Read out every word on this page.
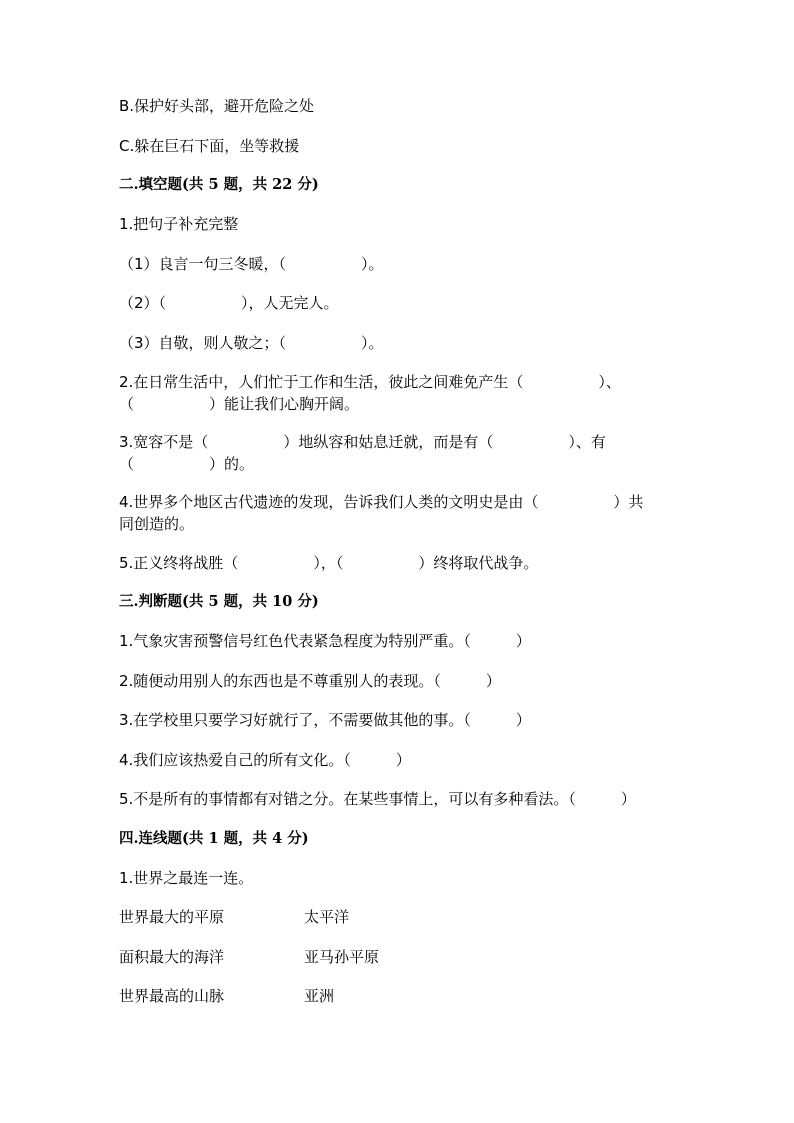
B.保护好头部，避开危险之处
C.躲在巨石下面，坐等救援
二.填空题(共 5 题，共 22 分)
1.把句子补充完整
（1）良言一句三冬暖，（　　　　　）。
（2）（　　　　　），人无完人。
（3）自敬，则人敬之；（　　　　　）。
2.在日常生活中，人们忙于工作和生活，彼此之间难免产生（　　　　　）、
（　　　　　）能让我们心胸开阔。
3.宽容不是（　　　　　）地纵容和姑息迁就，而是有（　　　　　）、有
（　　　　　）的。
4.世界多个地区古代遗迹的发现，告诉我们人类的文明史是由（　　　　　）共
同创造的。
5.正义终将战胜（　　　　　），（　　　　　）终将取代战争。
三.判断题(共 5 题，共 10 分)
1.气象灾害预警信号红色代表紧急程度为特别严重。（　　　）
2.随便动用别人的东西也是不尊重别人的表现。（　　　）
3.在学校里只要学习好就行了，不需要做其他的事。（　　　）
4.我们应该热爱自己的所有文化。（　　　）
5.不是所有的事情都有对错之分。在某些事情上，可以有多种看法。（　　　）
四.连线题(共 1 题，共 4 分)
1.世界之最连一连。
世界最大的平原	太平洋
面积最大的海洋	亚马孙平原
世界最高的山脉	亚洲
